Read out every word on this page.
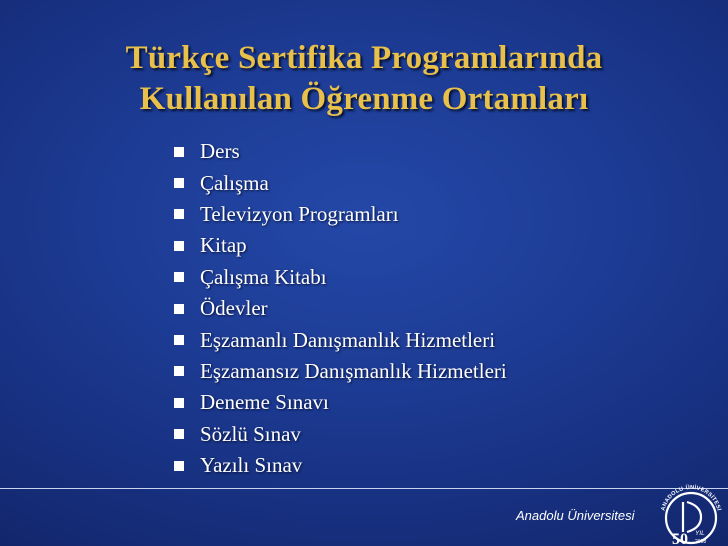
Türkçe Sertifika Programlarında
Kullanılan Öğrenme Ortamları
Ders
Çalışma
Televizyon Programları
Kitap
Çalışma Kitabı
Ödevler
Eşzamanlı Danışmanlık Hizmetleri
Eşzamansız Danışmanlık Hizmetleri
Deneme Sınavı
Sözlü Sınav
Yazılı Sınav
Anadolu Üniversitesi	ANADOLU ÜNİVERSİTESİ
50 YIL
2008
